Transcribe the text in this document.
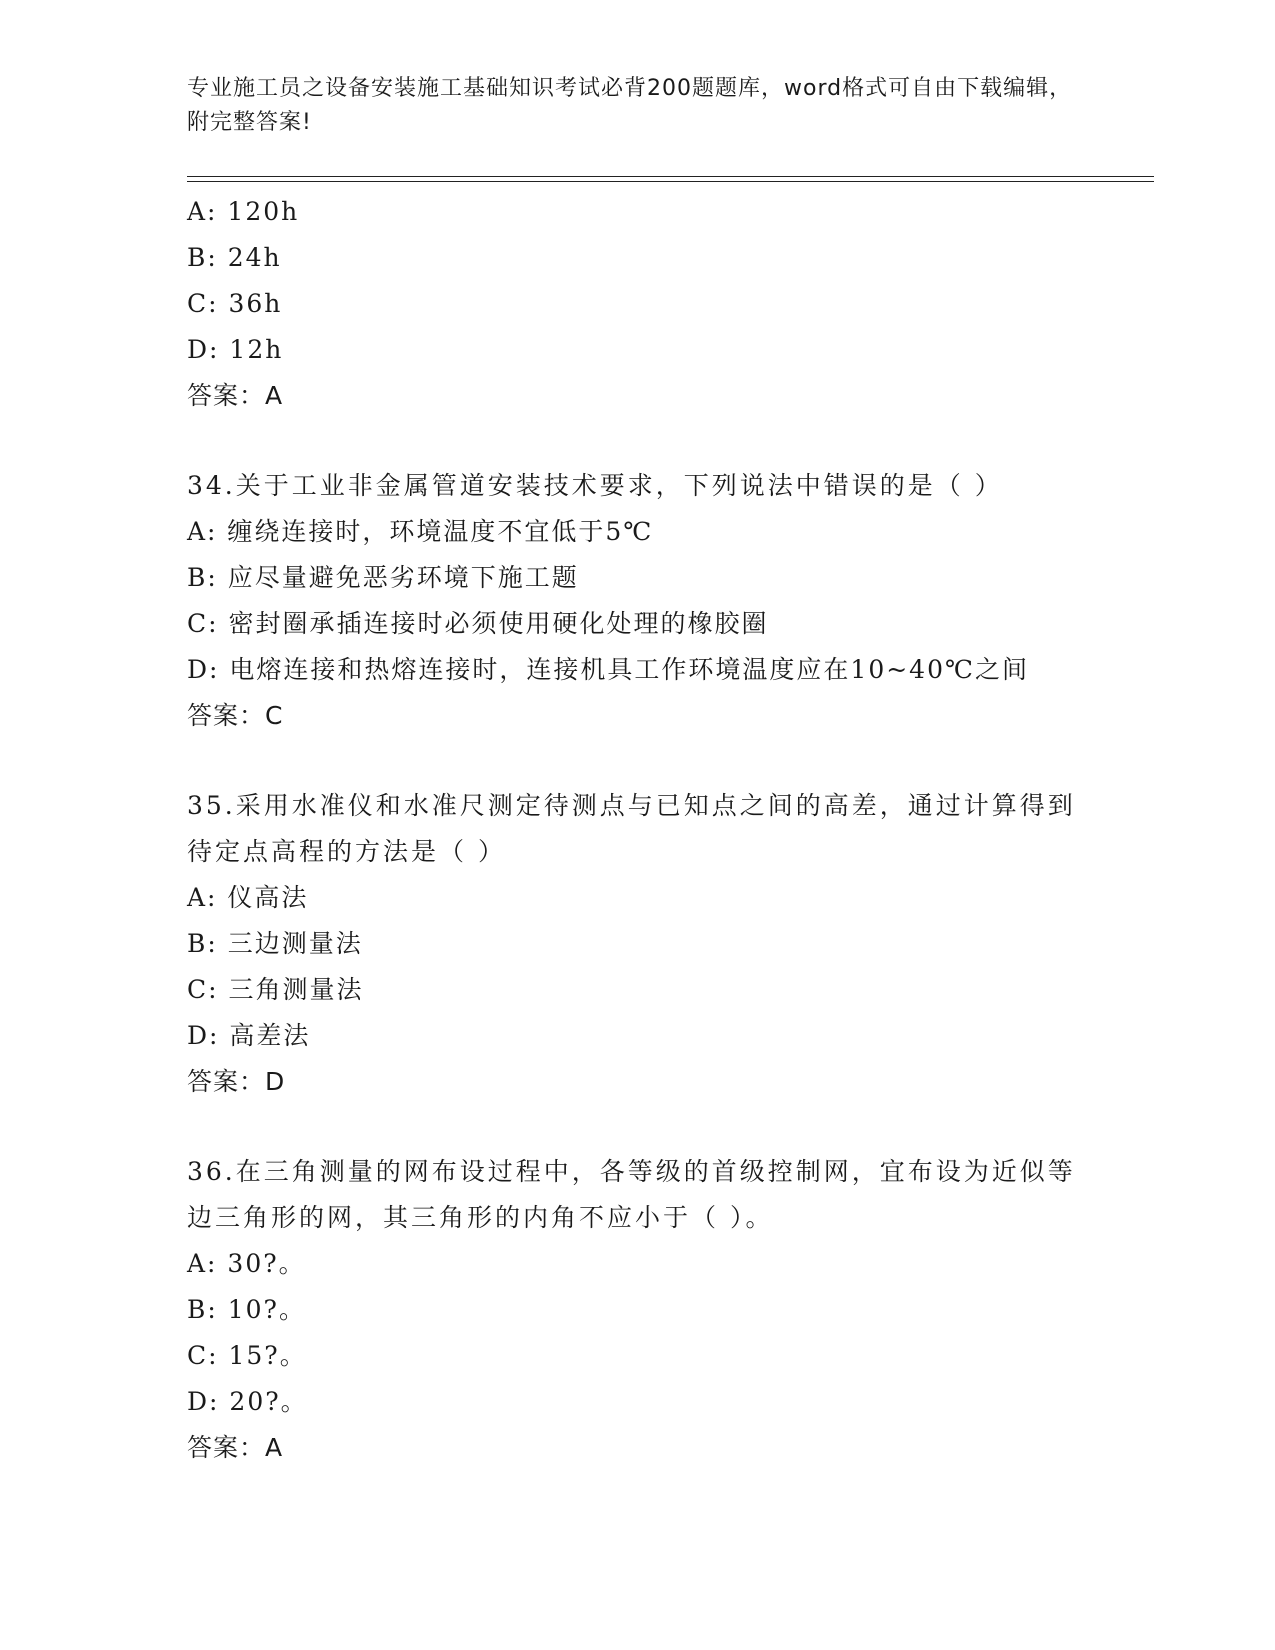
专业施工员之设备安装施工基础知识考试必背200题题库，word格式可自由下载编辑，附完整答案!
A: 120h
B: 24h
C: 36h
D: 12h
答案：A
34.关于工业非金属管道安装技术要求，下列说法中错误的是（ ）
A: 缠绕连接时，环境温度不宜低于5℃
B: 应尽量避免恶劣环境下施工题
C: 密封圈承插连接时必须使用硬化处理的橡胶圈
D: 电熔连接和热熔连接时，连接机具工作环境温度应在10~40℃之间
答案：C
35.采用水准仪和水准尺测定待测点与已知点之间的高差，通过计算得到待定点高程的方法是（ ）
A: 仪高法
B: 三边测量法
C: 三角测量法
D: 高差法
答案：D
36.在三角测量的网布设过程中，各等级的首级控制网，宜布设为近似等边三角形的网，其三角形的内角不应小于（ ）。
A: 30?。
B: 10?。
C: 15?。
D: 20?。
答案：A
